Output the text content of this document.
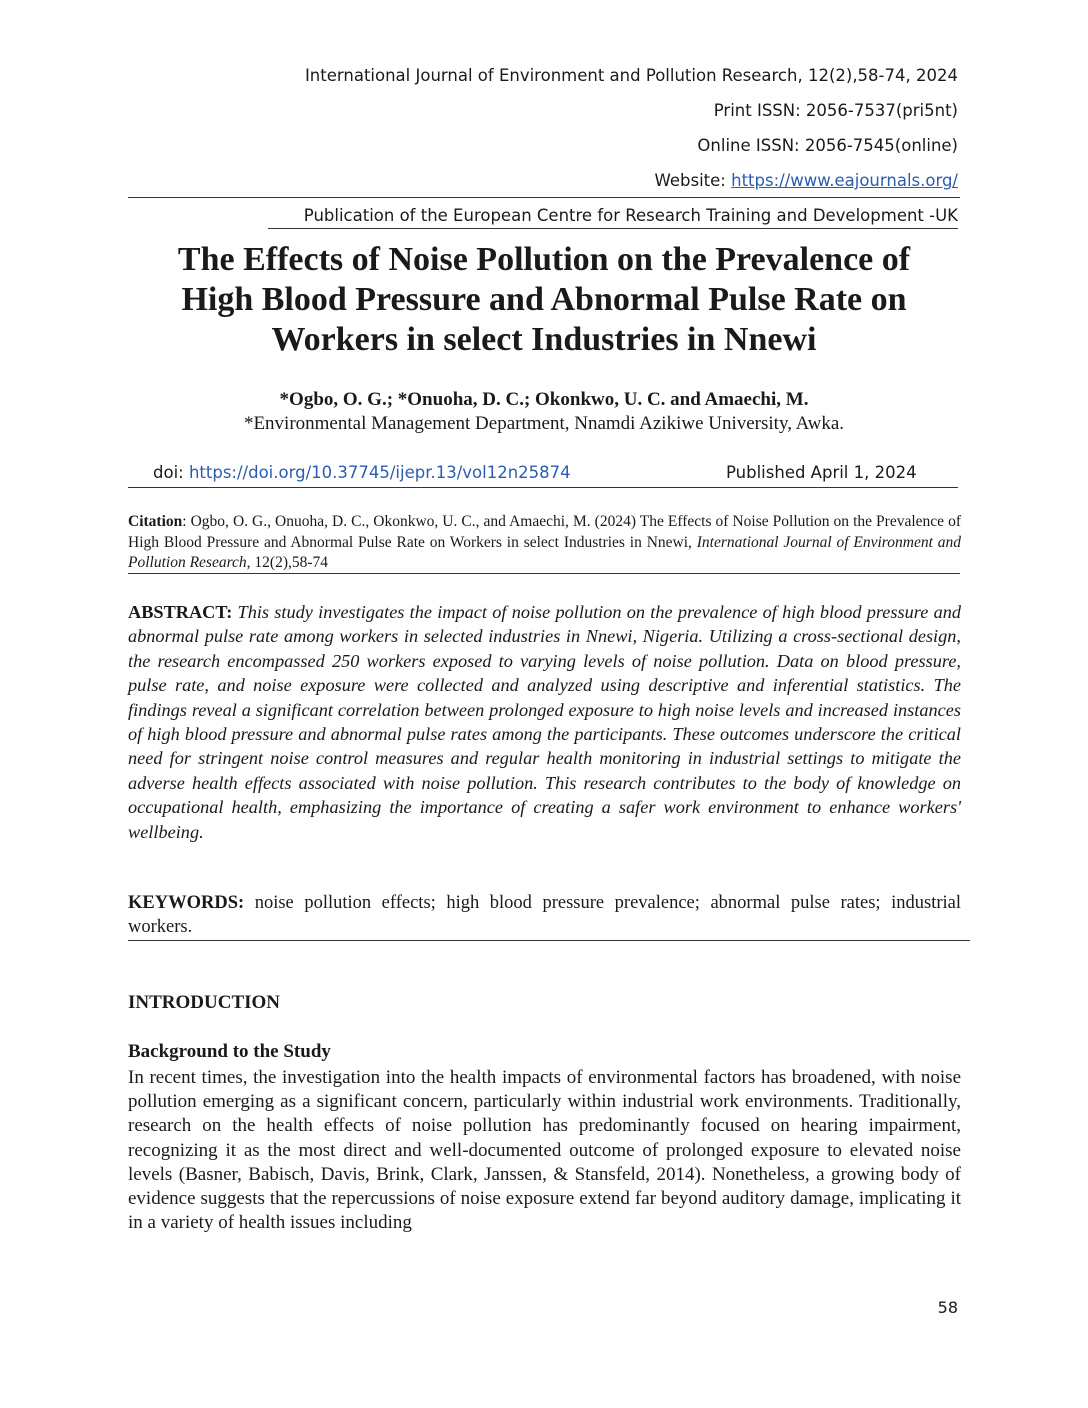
International Journal of Environment and Pollution Research, 12(2),58-74, 2024
Print ISSN: 2056-7537(pri5nt)
Online ISSN: 2056-7545(online)
Website: https://www.eajournals.org/
Publication of the European Centre for Research Training and Development -UK
The Effects of Noise Pollution on the Prevalence of
High Blood Pressure and Abnormal Pulse Rate on
Workers in select Industries in Nnewi
*Ogbo, O. G.; *Onuoha, D. C.; Okonkwo, U. C. and Amaechi, M.
*Environmental Management Department, Nnamdi Azikiwe University, Awka.
doi: https://doi.org/10.37745/ijepr.13/vol12n25874	Published April 1, 2024
Citation: Ogbo, O. G., Onuoha, D. C., Okonkwo, U. C., and Amaechi, M. (2024) The Effects of Noise Pollution on the Prevalence of High Blood Pressure and Abnormal Pulse Rate on Workers in select Industries in Nnewi, International Journal of Environment and Pollution Research, 12(2),58-74
ABSTRACT: This study investigates the impact of noise pollution on the prevalence of high blood pressure and abnormal pulse rate among workers in selected industries in Nnewi, Nigeria. Utilizing a cross-sectional design, the research encompassed 250 workers exposed to varying levels of noise pollution. Data on blood pressure, pulse rate, and noise exposure were collected and analyzed using descriptive and inferential statistics. The findings reveal a significant correlation between prolonged exposure to high noise levels and increased instances of high blood pressure and abnormal pulse rates among the participants. These outcomes underscore the critical need for stringent noise control measures and regular health monitoring in industrial settings to mitigate the adverse health effects associated with noise pollution. This research contributes to the body of knowledge on occupational health, emphasizing the importance of creating a safer work environment to enhance workers' wellbeing.
KEYWORDS: noise pollution effects; high blood pressure prevalence; abnormal pulse rates; industrial workers.
INTRODUCTION
Background to the Study
In recent times, the investigation into the health impacts of environmental factors has broadened, with noise pollution emerging as a significant concern, particularly within industrial work environments. Traditionally, research on the health effects of noise pollution has predominantly focused on hearing impairment, recognizing it as the most direct and well-documented outcome of prolonged exposure to elevated noise levels (Basner, Babisch, Davis, Brink, Clark, Janssen, & Stansfeld, 2014). Nonetheless, a growing body of evidence suggests that the repercussions of noise exposure extend far beyond auditory damage, implicating it in a variety of health issues including
58
